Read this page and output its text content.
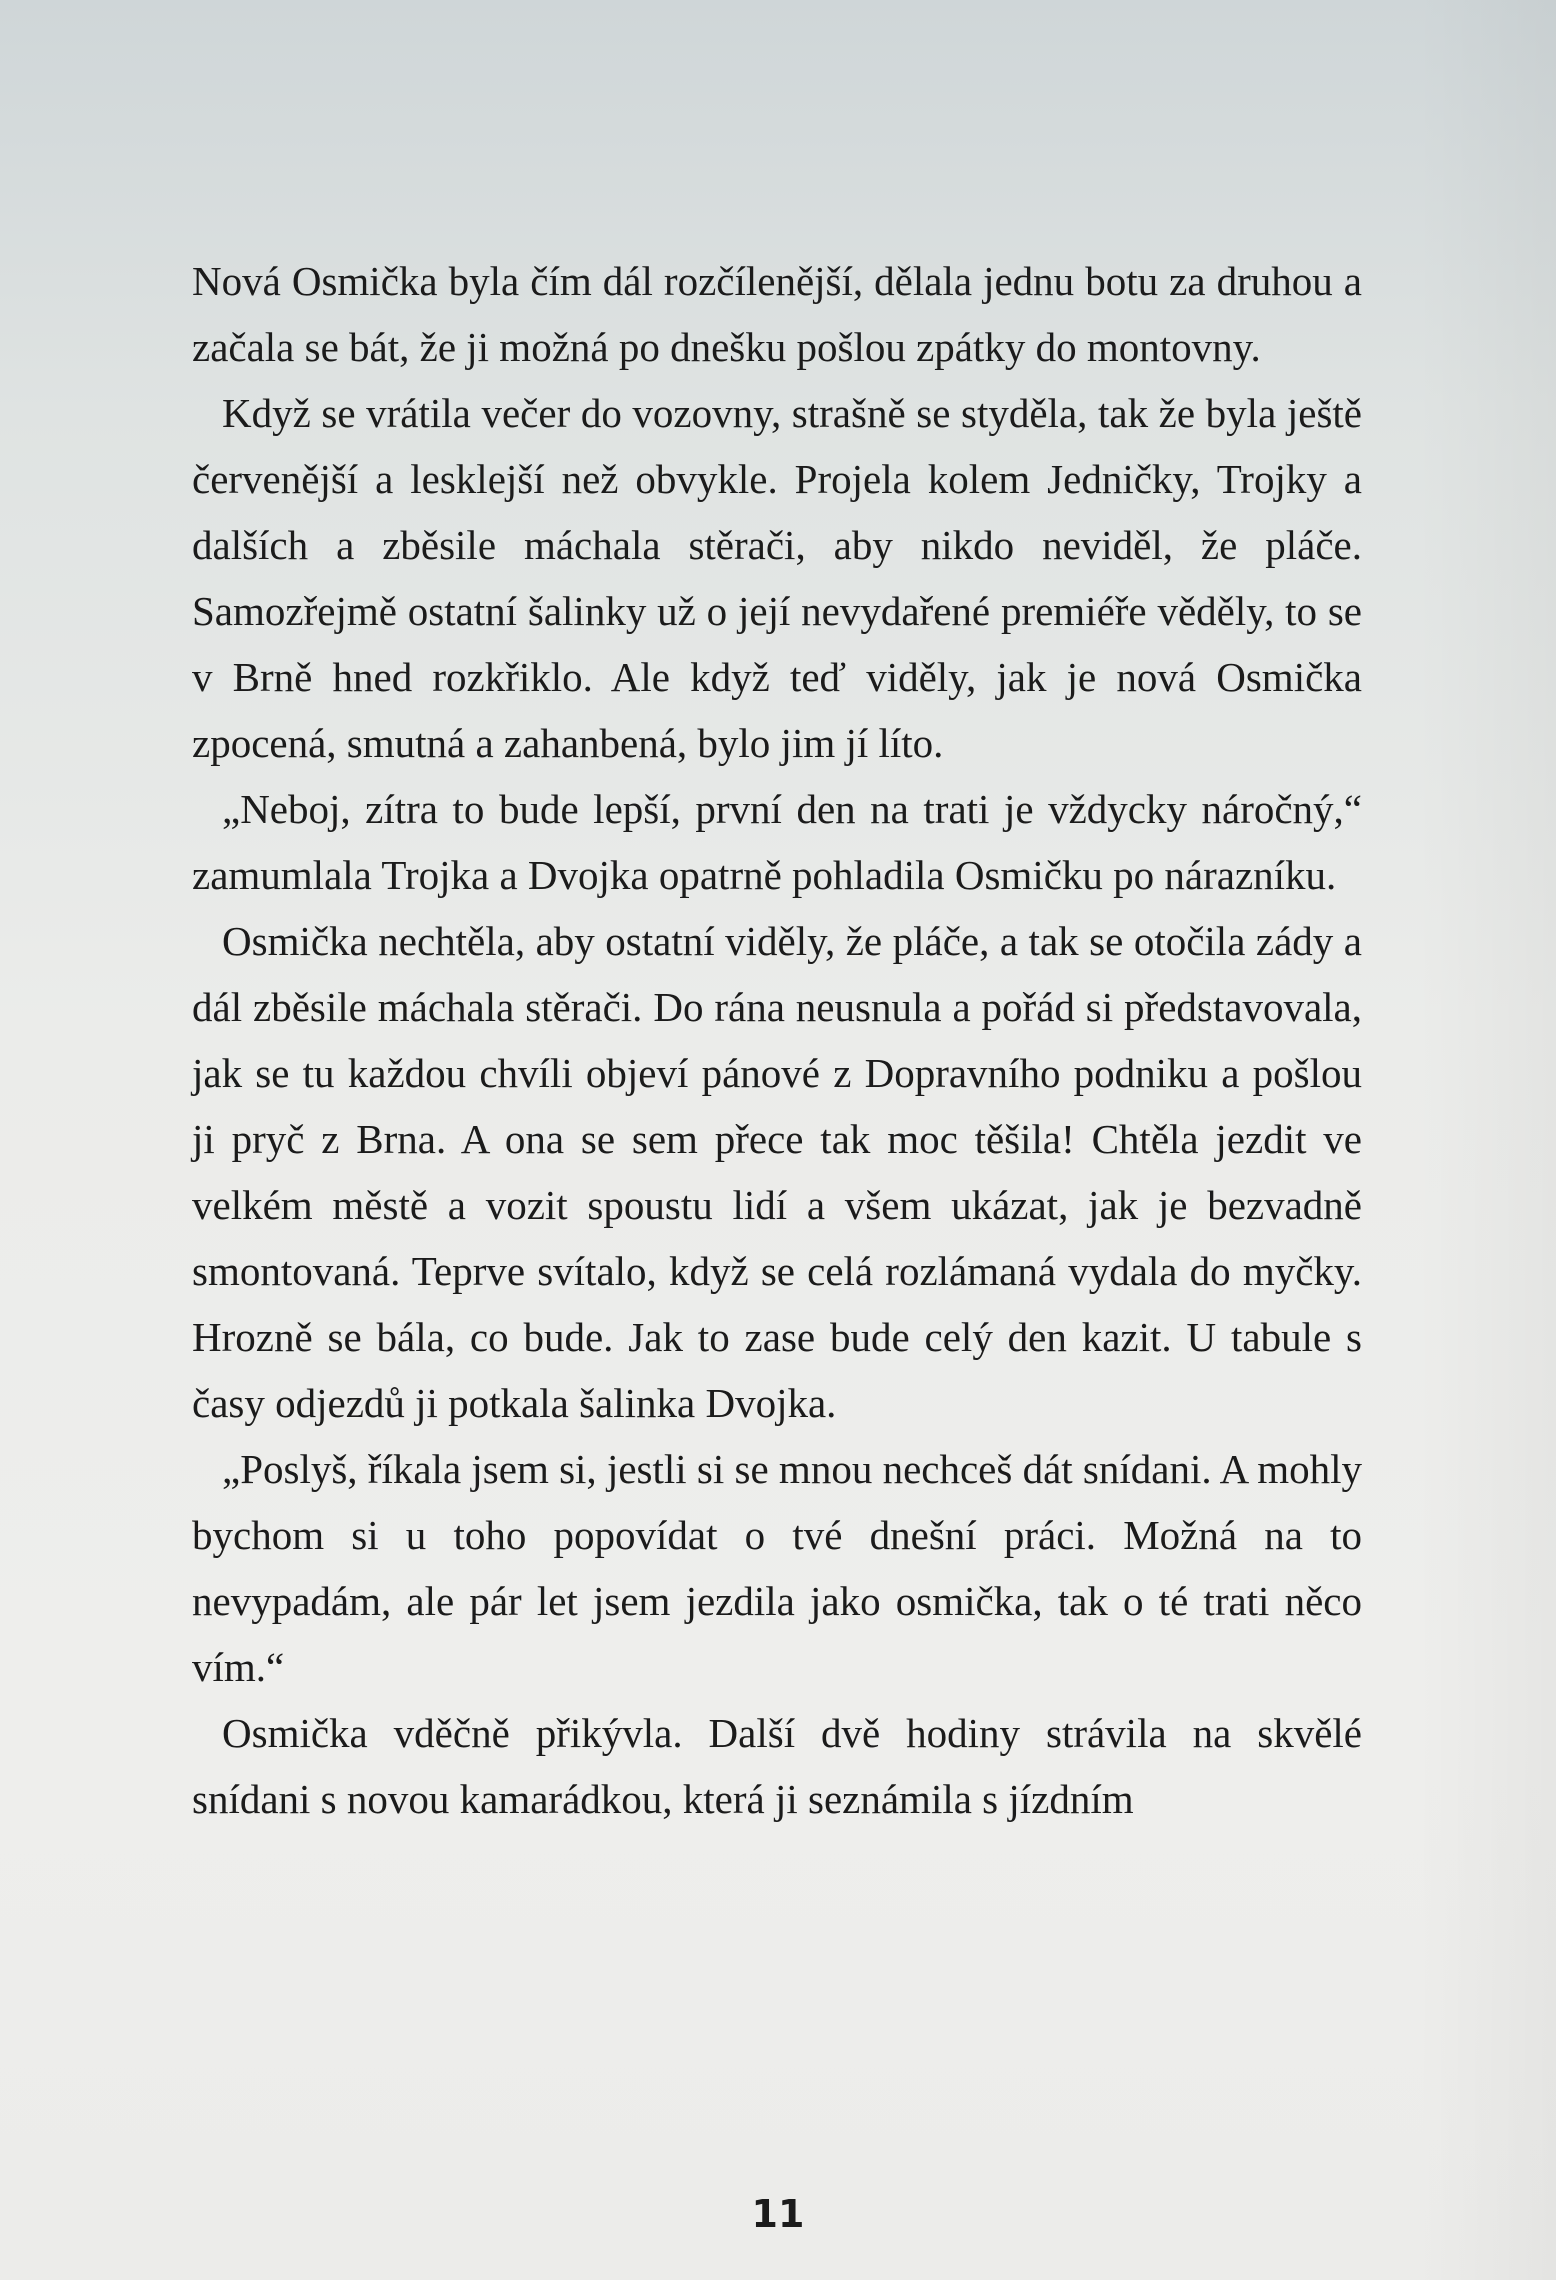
Nová Osmička byla čím dál rozčílenější, dělala jednu botu za druhou a začala se bát, že ji možná po dnešku pošlou zpátky do montovny.

Když se vrátila večer do vozovny, strašně se styděla, tak že byla ještě červenější a lesklejší než obvykle. Projela kolem Jedničky, Trojky a dalších a zběsile máchala stěrači, aby nikdo neviděl, že pláče. Samozřejmě ostatní šalinky už o její nevydařené premiéře věděly, to se v Brně hned rozkřiklo. Ale když teď viděly, jak je nová Osmička zpocená, smutná a zahanbená, bylo jim jí líto.

„Neboj, zítra to bude lepší, první den na trati je vždycky náročný,“ zamumlala Trojka a Dvojka opatrně pohladila Osmičku po nárazníku.

Osmička nechtěla, aby ostatní viděly, že pláče, a tak se otočila zády a dál zběsile máchala stěrači. Do rána neusnula a pořád si představovala, jak se tu každou chvíli objeví pánové z Dopravního podniku a pošlou ji pryč z Brna. A ona se sem přece tak moc těšila! Chtěla jezdit ve velkém městě a vozit spoustu lidí a všem ukázat, jak je bezvadně smontovaná. Teprve svítalo, když se celá rozlámaná vydala do myčky. Hrozně se bála, co bude. Jak to zase bude celý den kazit. U tabule s časy odjezdů ji potkala šalinka Dvojka.

„Poslyš, říkala jsem si, jestli si se mnou nechceš dát snídani. A mohly bychom si u toho popovídat o tvé dnešní práci. Možná na to nevypadám, ale pár let jsem jezdila jako osmička, tak o té trati něco vím.“

Osmička vděčně přikývla. Další dvě hodiny strávila na skvělé snídani s novou kamarádkou, která ji seznámila s jízdním

11
